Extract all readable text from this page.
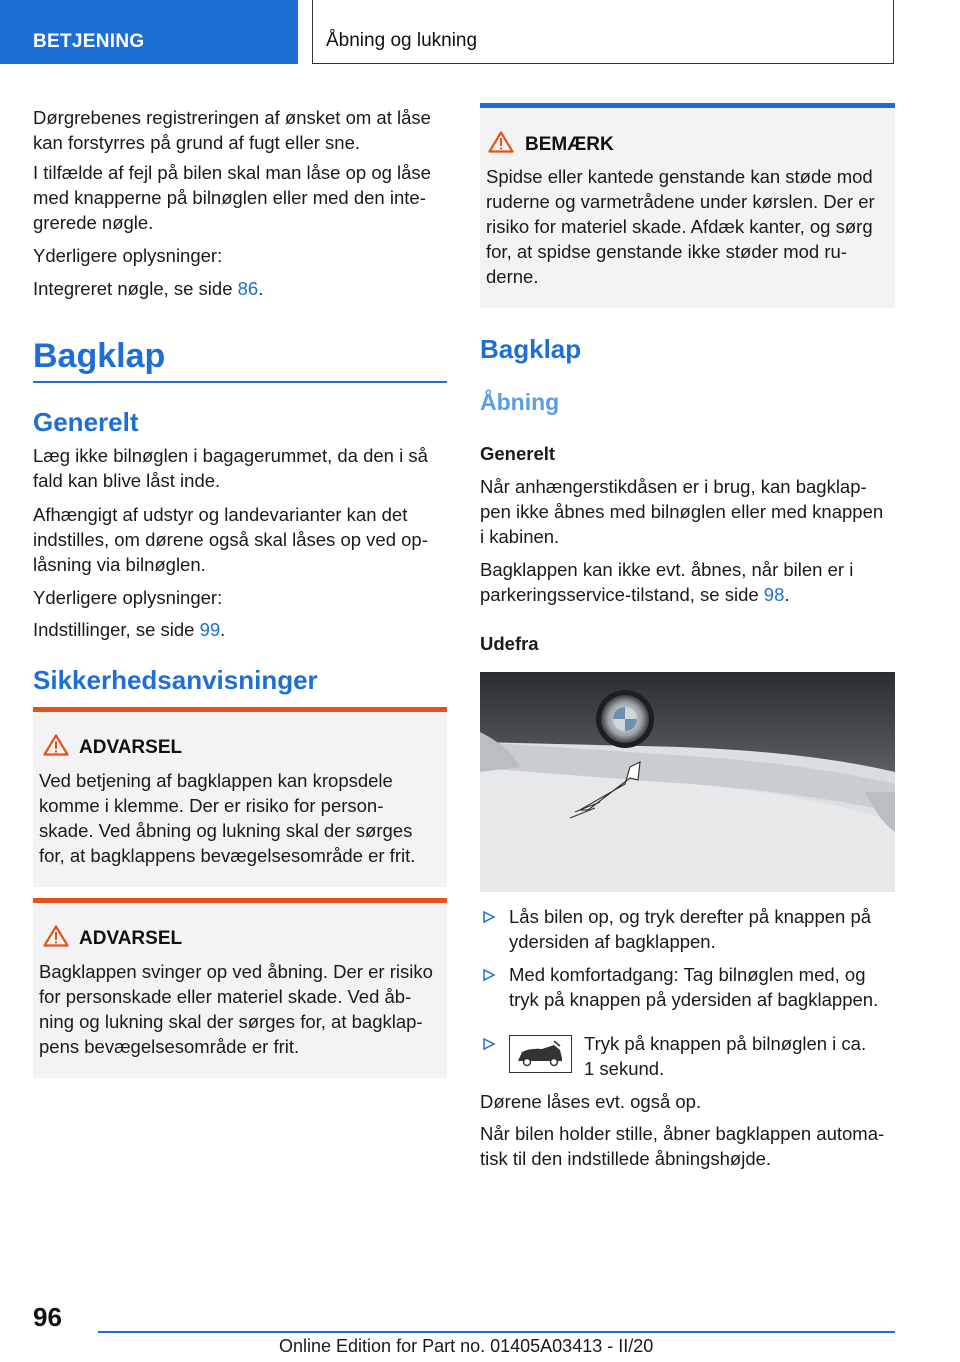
BETJENING	Åbning og lukning
Dørgrebenes registreringen af ønsket om at låse
kan forstyrres på grund af fugt eller sne.
I tilfælde af fejl på bilen skal man låse op og låse
med knapperne på bilnøglen eller med den inte-
grerede nøgle.
Yderligere oplysninger:
Integreret nøgle, se side 86.
Bagklap
Generelt
Læg ikke bilnøglen i bagagerummet, da den i så
fald kan blive låst inde.
Afhængigt af udstyr og landevarianter kan det
indstilles, om dørene også skal låses op ved op-
låsning via bilnøglen.
Yderligere oplysninger:
Indstillinger, se side 99.
Sikkerhedsanvisninger
ADVARSEL
Ved betjening af bagklappen kan kropsdele
komme i klemme. Der er risiko for person-
skade. Ved åbning og lukning skal der sørges
for, at bagklappens bevægelsesområde er frit.
ADVARSEL
Bagklappen svinger op ved åbning. Der er risiko
for personskade eller materiel skade. Ved åb-
ning og lukning skal der sørges for, at bagklap-
pens bevægelsesområde er frit.
BEMÆRK
Spidse eller kantede genstande kan støde mod
ruderne og varmetrådene under kørslen. Der er
risiko for materiel skade. Afdæk kanter, og sørg
for, at spidse genstande ikke støder mod ru-
derne.
Bagklap
Åbning
Generelt
Når anhængerstikdåsen er i brug, kan bagklap-
pen ikke åbnes med bilnøglen eller med knappen
i kabinen.
Bagklappen kan ikke evt. åbnes, når bilen er i
parkeringsservice-tilstand, se side 98.
Udefra
Lås bilen op, og tryk derefter på knappen på
ydersiden af bagklappen.
Med komfortadgang: Tag bilnøglen med, og
tryk på knappen på ydersiden af bagklappen.
Tryk på knappen på bilnøglen i ca.
1 sekund.
Dørene låses evt. også op.
Når bilen holder stille, åbner bagklappen automa-
tisk til den indstillede åbningshøjde.
96
Online Edition for Part no. 01405A03413 - II/20
